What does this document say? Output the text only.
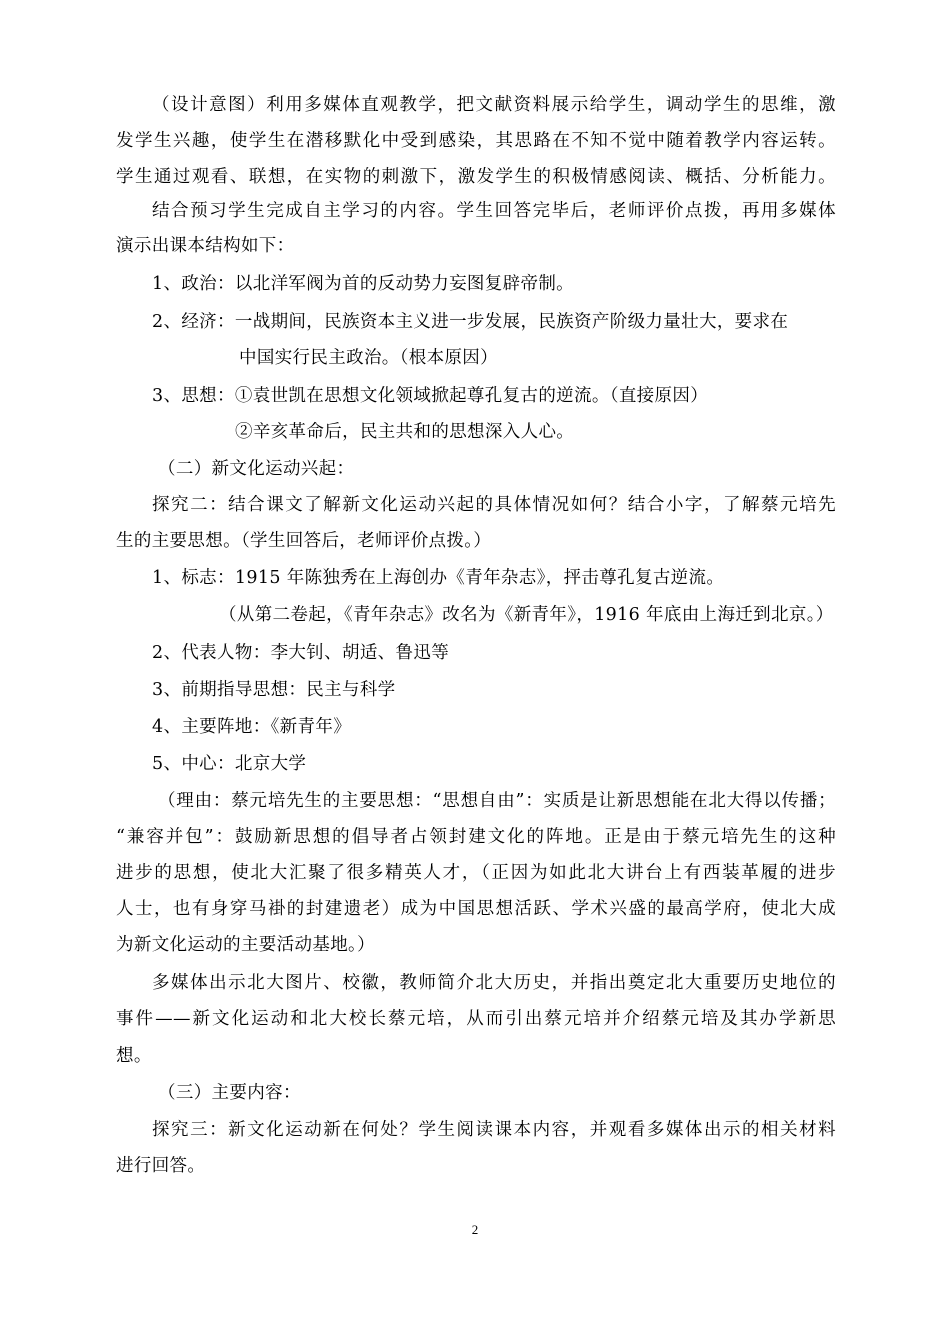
（设计意图）利用多媒体直观教学，把文献资料展示给学生，调动学生的思维，激
发学生兴趣，使学生在潜移默化中受到感染，其思路在不知不觉中随着教学内容运转。
学生通过观看、联想，在实物的刺激下，激发学生的积极情感阅读、概括、分析能力。
结合预习学生完成自主学习的内容。学生回答完毕后，老师评价点拨，再用多媒体
演示出课本结构如下：
1、政治：以北洋军阀为首的反动势力妄图复辟帝制。
2、经济：一战期间，民族资本主义进一步发展，民族资产阶级力量壮大，要求在
中国实行民主政治。（根本原因）
3、思想：①袁世凯在思想文化领域掀起尊孔复古的逆流。（直接原因）
②辛亥革命后，民主共和的思想深入人心。
（二）新文化运动兴起：
探究二：结合课文了解新文化运动兴起的具体情况如何？结合小字，了解蔡元培先
生的主要思想。（学生回答后，老师评价点拨。）
1、标志：1915 年陈独秀在上海创办《青年杂志》，抨击尊孔复古逆流。
（从第二卷起，《青年杂志》改名为《新青年》，1916 年底由上海迁到北京。）
2、代表人物：李大钊、胡适、鲁迅等
3、前期指导思想：民主与科学
4、主要阵地：《新青年》
5、中心：北京大学
（理由：蔡元培先生的主要思想：“思想自由”：实质是让新思想能在北大得以传播；
“兼容并包”：鼓励新思想的倡导者占领封建文化的阵地。正是由于蔡元培先生的这种
进步的思想，使北大汇聚了很多精英人才，（正因为如此北大讲台上有西装革履的进步
人士，也有身穿马褂的封建遗老）成为中国思想活跃、学术兴盛的最高学府，使北大成
为新文化运动的主要活动基地。）
多媒体出示北大图片、校徽，教师简介北大历史，并指出奠定北大重要历史地位的
事件——新文化运动和北大校长蔡元培，从而引出蔡元培并介绍蔡元培及其办学新思
想。
（三）主要内容：
探究三：新文化运动新在何处？学生阅读课本内容，并观看多媒体出示的相关材料
进行回答。
2
